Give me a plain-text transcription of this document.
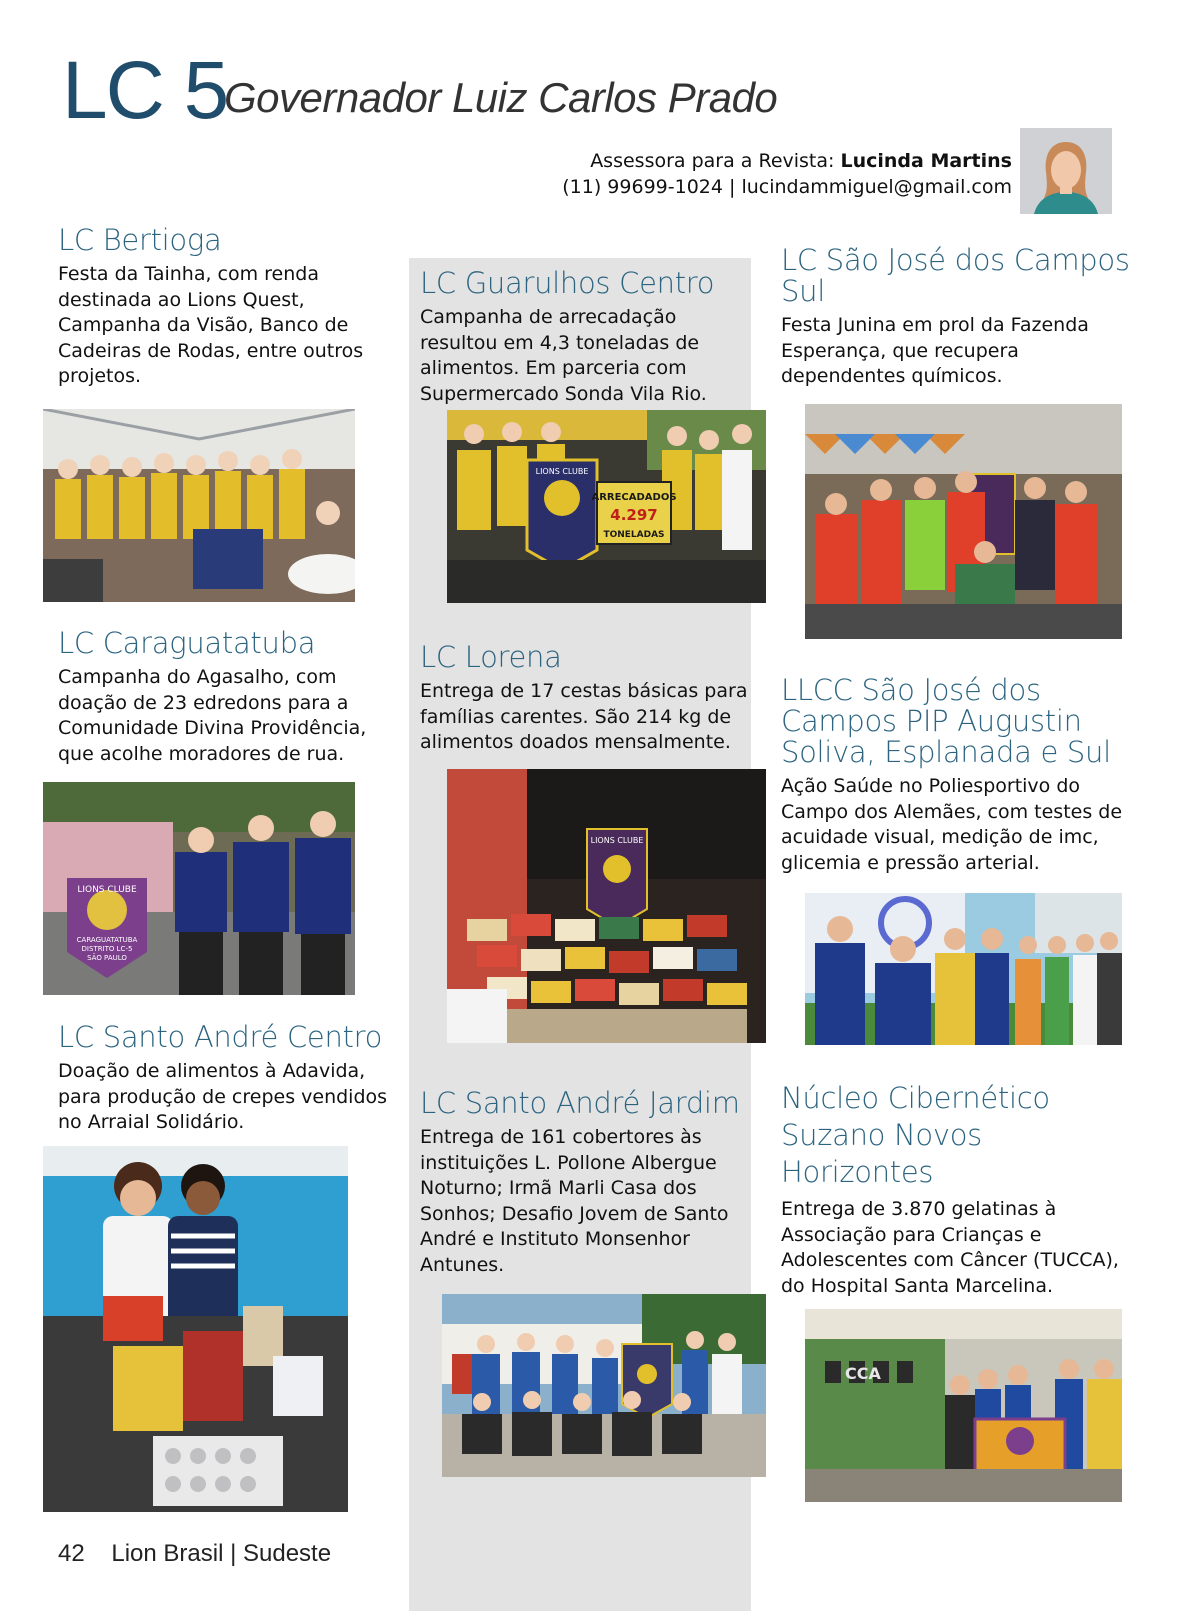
LC 5
Governador Luiz Carlos Prado
Assessora para a Revista: Lucinda Martins
(11) 99699-1024 | lucindammiguel@gmail.com
LC Bertioga

Festa da Tainha, com renda destinada ao Lions Quest, Campanha da Visão, Banco de Cadeiras de Rodas, entre outros projetos.

LC Caraguatatuba

Campanha do Agasalho, com doação de 23 edredons para a Comunidade Divina Providência, que acolhe moradores de rua.

LIONS CLUBE
CARAGUATATUBA
DISTRITO LC-5
SÃO PAULO
LC Santo André Centro

Doação de alimentos à Adavida, para produção de crepes vendidos no Arraial Solidário.

LC Guarulhos Centro

Campanha de arrecadação resultou em 4,3 toneladas de alimentos. Em parceria com Supermercado Sonda Vila Rio.

LIONS CLUBE
ARRECADADOS
4.297
TONELADAS
LC Lorena

Entrega de 17 cestas básicas para famílias carentes. São 214 kg de alimentos doados mensalmente.

LIONS CLUBE
LC Santo André Jardim

Entrega de 161 cobertores às instituições L. Pollone Albergue Noturno; Irmã Marli Casa dos Sonhos; Desafio Jovem de Santo André e Instituto Monsenhor Antunes.

LC São José dos Campos Sul

Festa Junina em prol da Fazenda Esperança, que recupera dependentes químicos.

LLCC São José dos Campos PIP Augustin Soliva, Esplanada e Sul

Ação Saúde no Poliesportivo do Campo dos Alemães, com testes de acuidade visual, medição de imc, glicemia e pressão arterial.

Núcleo Cibernético Suzano Novos Horizontes

Entrega de 3.870 gelatinas à Associação para Crianças e Adolescentes com Câncer (TUCCA), do Hospital Santa Marcelina.

CCA
42 Lion Brasil | Sudeste
